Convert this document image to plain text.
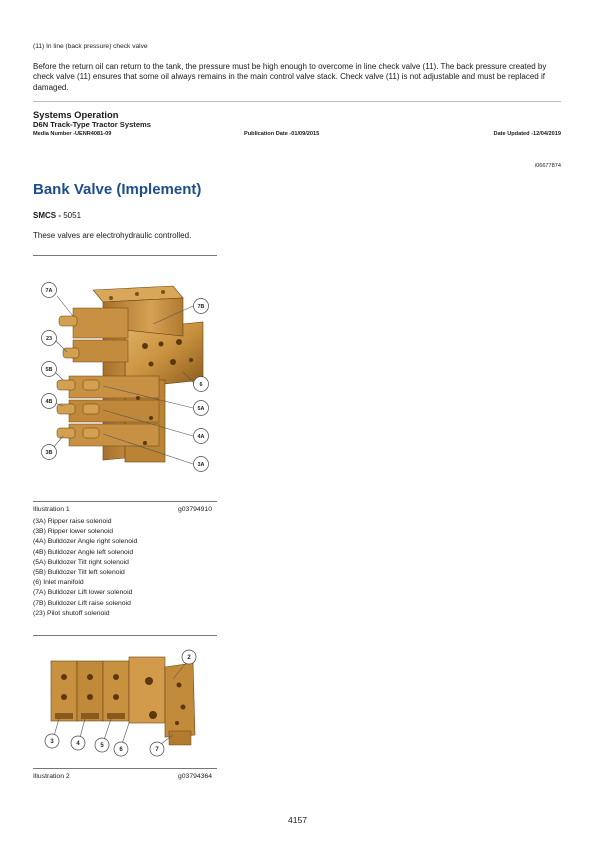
(11) In line (back pressure) check valve
Before the return oil can return to the tank, the pressure must be high enough to overcome in line check valve (11). The back pressure created by check valve (11) ensures that some oil always remains in the main control valve stack. Check valve (11) is not adjustable and must be replaced if damaged.
Systems Operation
D6N Track-Type Tractor Systems
Media Number -UENR4081-09	Publication Date -01/09/2015	Date Updated -12/04/2019
i06677874
Bank Valve (Implement)
SMCS - 5051
These valves are electrohydraulic controlled.
7A
23
5B
4B
3B
7B
6
5A
4A
3A
Illustration 1	g03794910
(3A) Ripper raise solenoid
(3B) Ripper lower solenoid
(4A) Bulldozer Angle right solenoid
(4B) Bulldozer Angle left solenoid
(5A) Bulldozer Tilt right solenoid
(5B) Bulldozer Tilt left solenoid
(6) Inlet manifold
(7A) Bulldozer Lift lower solenoid
(7B) Bulldozer Lift raise solenoid
(23) Pilot shutoff solenoid
2
3	4	5
6	7
Illustration 2	g03794364
4157
